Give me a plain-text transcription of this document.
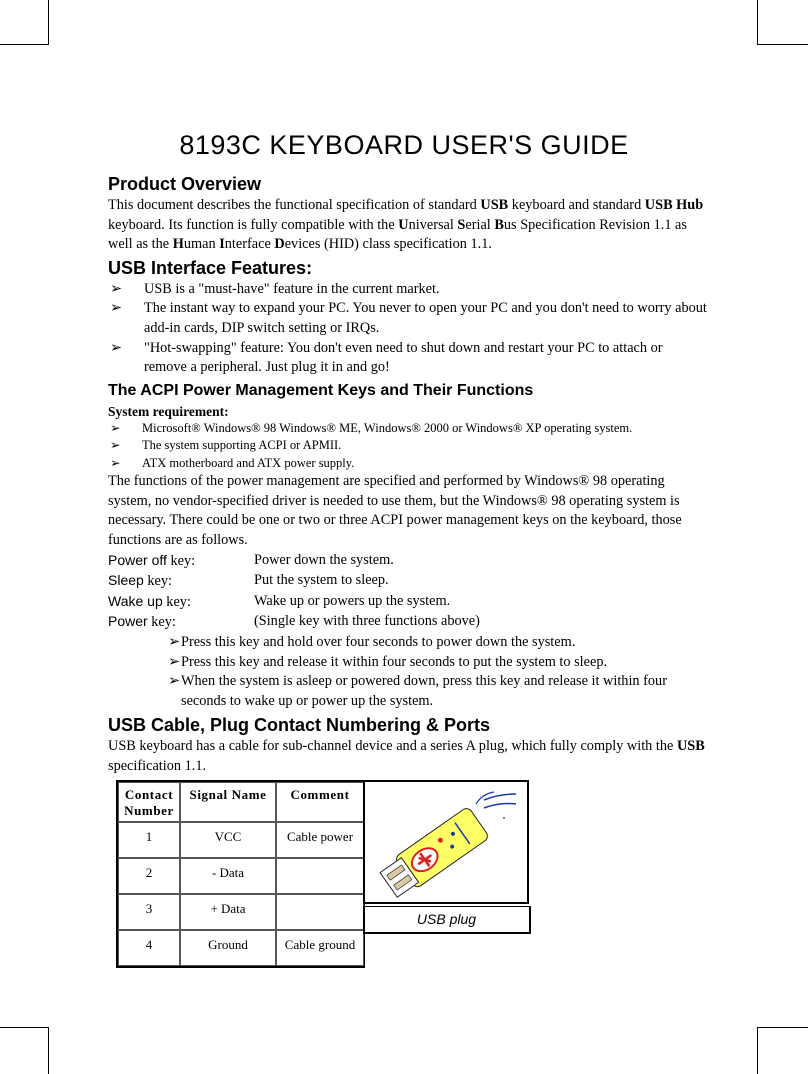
8193C KEYBOARD USER'S GUIDE
Product Overview

This document describes the functional specification of standard USB keyboard and standard USB Hub keyboard. Its function is fully compatible with the Universal Serial Bus Specification Revision 1.1 as well as the Human Interface Devices (HID) class specification 1.1.

USB Interface Features:
➢ USB is a "must-have" feature in the current market.
➢ The instant way to expand your PC. You never to open your PC and you don't need to worry about add-in cards, DIP switch setting or IRQs.
➢ "Hot-swapping" feature: You don't even need to shut down and restart your PC to attach or remove a peripheral. Just plug it in and go!
The ACPI Power Management Keys and Their Functions
System requirement:
➢ Microsoft® Windows® 98 Windows® ME, Windows® 2000 or Windows® XP operating system.
➢ The system supporting ACPI or APMII.
➢ ATX motherboard and ATX power supply.

The functions of the power management are specified and performed by Windows® 98 operating system, no vendor-specified driver is needed to use them, but the Windows® 98 operating system is necessary. There could be one or two or three ACPI power management keys on the keyboard, those functions are as follows.

Power off key:	Power down the system.
Sleep key:	Put the system to sleep.
Wake up key:	Wake up or powers up the system.
Power key:	(Single key with three functions above)
➢ Press this key and hold over four seconds to power down the system.
➢ Press this key and release it within four seconds to put the system to sleep.
➢ When the system is asleep or powered down, press this key and release it within four seconds to wake up or power up the system.
USB Cable, Plug Contact Numbering & Ports

USB keyboard has a cable for sub-channel device and a series A plug, which fully comply with the USB specification 1.1.

Contact Number	Signal Name	Comment
1	VCC	Cable power
2	- Data	
3	+ Data	
4	Ground	Cable ground
USB plug
